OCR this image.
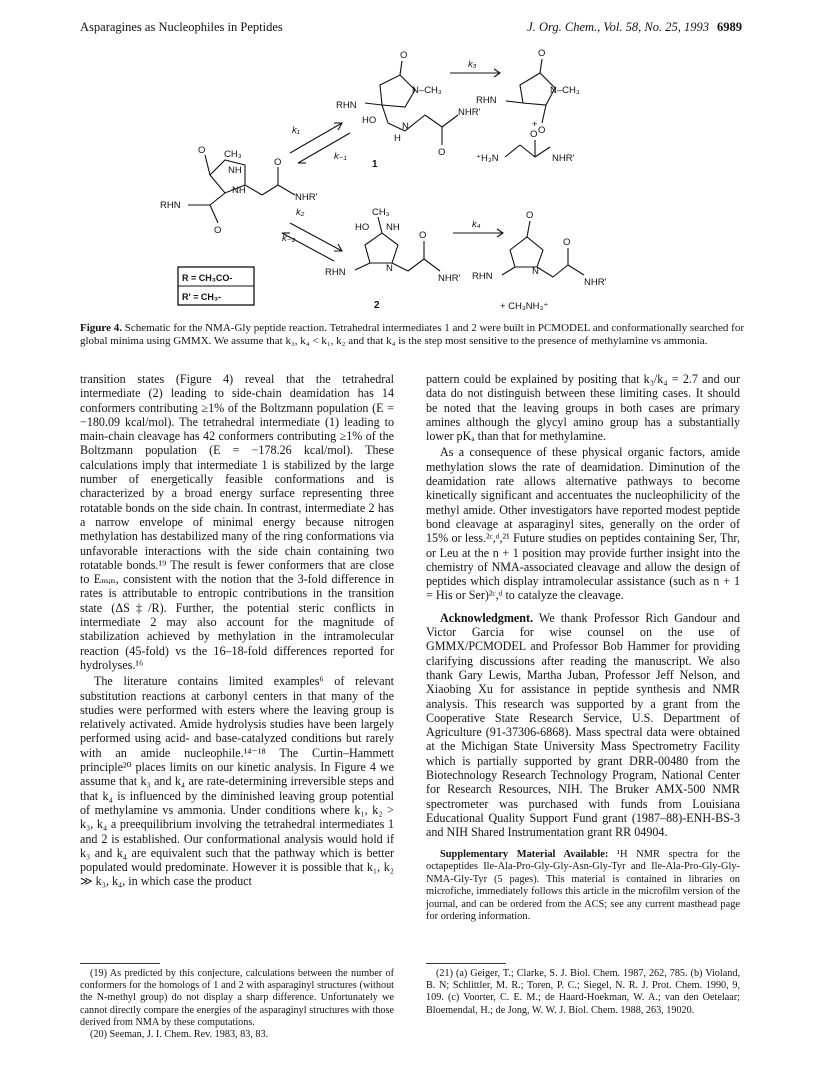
Asparagines as Nucleophiles in Peptides	J. Org. Chem., Vol. 58, No. 25, 1993 6989
RHN
O
N–CH₃
HO
N
H
NHR'
O
1
k₃
RHN
O
N–CH₃
O
+
⁺H₃N
O
NHR'
O CH₃
NH
NH
RHN
O
O
NHR'
k₁
k₋₁
k₂
k₋₂
CH₃
HO NH
RHN	N
O
NHR'
2
k₄
O
RHN	N
O
NHR'
+ CH₃NH₃⁺
R = CH₃CO-
R' = CH₃-
Figure 4. Schematic for the NMA-Gly peptide reaction. Tetrahedral intermediates 1 and 2 were built in PCMODEL and conformationally searched for global minima using GMMX. We assume that k₃, k₄ < k₁, k₂ and that k₄ is the step most sensitive to the presence of methylamine vs ammonia.

transition states (Figure 4) reveal that the tetrahedral intermediate (2) leading to side-chain deamidation has 14 conformers contributing ≥1% of the Boltzmann population (E = −180.09 kcal/mol). The tetrahedral intermediate (1) leading to main-chain cleavage has 42 conformers contributing ≥1% of the Boltzmann population (E = −178.26 kcal/mol). These calculations imply that intermediate 1 is stabilized by the large number of energetically feasible conformations and is characterized by a broad energy surface representing three rotatable bonds on the side chain. In contrast, intermediate 2 has a narrow envelope of minimal energy because nitrogen methylation has destabilized many of the ring conformations via unfavorable interactions with the side chain containing two rotatable bonds.¹⁹ The result is fewer conformers that are close to Eₘᵢₙ, consistent with the notion that the 3-fold difference in rates is attributable to entropic contributions in the transition state (ΔS‡/R). Further, the potential steric conflicts in intermediate 2 may also account for the magnitude of stabilization achieved by methylation in the intramolecular reaction (45-fold) vs the 16–18-fold differences reported for hydrolyses.¹⁶

The literature contains limited examples⁶ of relevant substitution reactions at carbonyl centers in that many of the studies were performed with esters where the leaving group is relatively activated. Amide hydrolysis studies have been largely performed using acid- and base-catalyzed conditions but rarely with an amide nucleophile.¹⁴⁻¹⁸ The Curtin–Hammett principle²⁰ places limits on our kinetic analysis. In Figure 4 we assume that k₃ and k₄ are rate-determining irreversible steps and that k₄ is influenced by the diminished leaving group potential of methylamine vs ammonia. Under conditions where k₁, k₂ > k₃, k₄ a preequilibrium involving the tetrahedral intermediates 1 and 2 is established. Our conformational analysis would hold if k₃ and k₄ are equivalent such that the pathway which is better populated would predominate. However it is possible that k₁, k₂ ≫ k₃, k₄, in which case the product

pattern could be explained by positing that k₃/k₄ = 2.7 and our data do not distinguish between these limiting cases. It should be noted that the leaving groups in both cases are primary amines although the glycyl amino group has a substantially lower pKₐ than that for methylamine.

As a consequence of these physical organic factors, amide methylation slows the rate of deamidation. Diminution of the deamidation rate allows alternative pathways to become kinetically significant and accentuates the nucleophilicity of the methyl amide. Other investigators have reported modest peptide bond cleavage at asparaginyl sites, generally on the order of 15% or less.²ᶜ,ᵈ,²¹ Future studies on peptides containing Ser, Thr, or Leu at the n + 1 position may provide further insight into the chemistry of NMA-associated cleavage and allow the design of peptides which display intramolecular assistance (such as n + 1 = His or Ser)²ᶜ,ᵈ to catalyze the cleavage.

Acknowledgment. We thank Professor Rich Gandour and Victor Garcia for wise counsel on the use of GMMX/PCMODEL and Professor Bob Hammer for providing clarifying discussions after reading the manuscript. We also thank Gary Lewis, Martha Juban, Professor Jeff Nelson, and Xiaobing Xu for assistance in peptide synthesis and NMR analysis. This research was supported by a grant from the Cooperative State Research Service, U.S. Department of Agriculture (91-37306-6868). Mass spectral data were obtained at the Michigan State University Mass Spectrometry Facility which is partially supported by grant DRR-00480 from the Biotechnology Research Technology Program, National Center for Research Resources, NIH. The Bruker AMX-500 NMR spectrometer was purchased with funds from Louisiana Educational Quality Support Fund grant (1987–88)-ENH-BS-3 and NIH Shared Instrumentation grant RR 04904.

Supplementary Material Available: ¹H NMR spectra for the octapeptides Ile-Ala-Pro-Gly-Gly-Asn-Gly-Tyr and Ile-Ala-Pro-Gly-Gly-NMA-Gly-Tyr (5 pages). This material is contained in libraries on microfiche, immediately follows this article in the microfilm version of the journal, and can be ordered from the ACS; see any current masthead page for ordering information.

(19) As predicted by this conjecture, calculations between the number of conformers for the homologs of 1 and 2 with asparaginyl structures (without the N-methyl group) do not display a sharp difference. Unfortunately we cannot directly compare the energies of the asparaginyl structures with those derived from NMA by these computations.

(20) Seeman, J. I. Chem. Rev. 1983, 83, 83.

(21) (a) Geiger, T.; Clarke, S. J. Biol. Chem. 1987, 262, 785. (b) Violand, B. N; Schlittler, M. R.; Toren, P. C.; Siegel, N. R. J. Prot. Chem. 1990, 9, 109. (c) Voorter, C. E. M.; de Haard-Hoekman, W. A.; van den Oetelaar; Bloemendal, H.; de Jong, W. W. J. Biol. Chem. 1988, 263, 19020.
